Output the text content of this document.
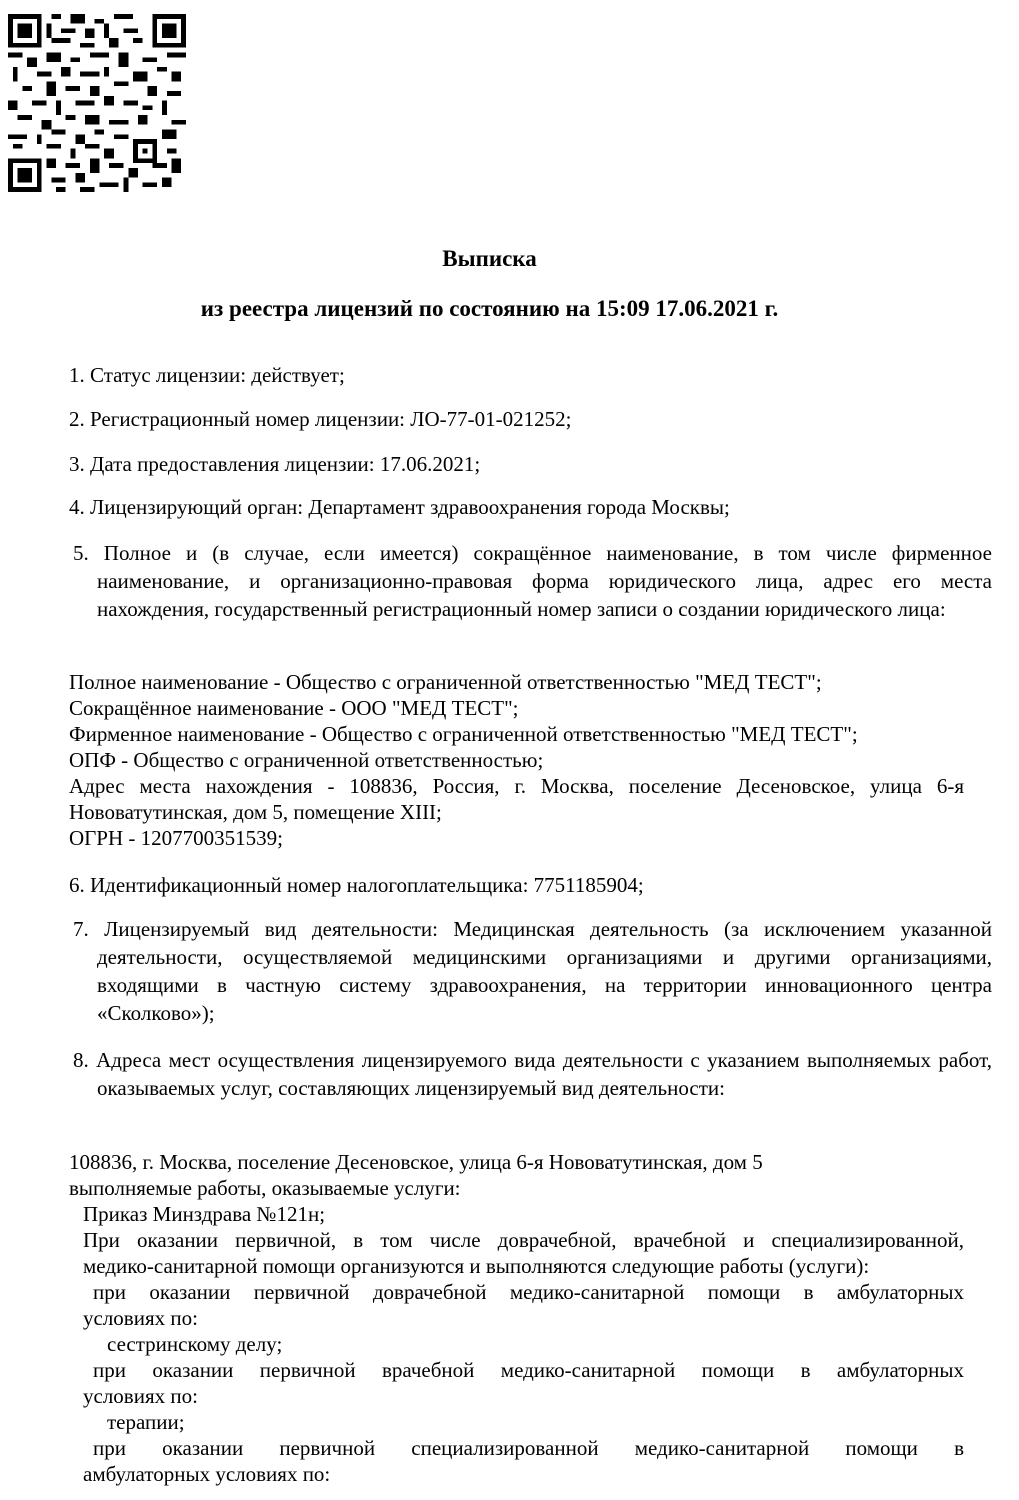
Выписка
из реестра лицензий по состоянию на 15:09 17.06.2021 г.
1. Статус лицензии: действует;
2. Регистрационный номер лицензии: ЛО-77-01-021252;
3. Дата предоставления лицензии: 17.06.2021;
4. Лицензирующий орган: Департамент здравоохранения города Москвы;
5. Полное и (в случае, если имеется) сокращённое наименование, в том числе фирменное наименование, и организационно-правовая форма юридического лица, адрес его места нахождения, государственный регистрационный номер записи о создании юридического лица:
Полное наименование - Общество с ограниченной ответственностью "МЕД ТЕСТ";
Сокращённое наименование - ООО "МЕД ТЕСТ";
Фирменное наименование - Общество с ограниченной ответственностью "МЕД ТЕСТ";
ОПФ - Общество с ограниченной ответственностью;
Адрес места нахождения - 108836, Россия, г. Москва, поселение Десеновское, улица 6-я
Нововатутинская, дом 5, помещение XIII;
ОГРН - 1207700351539;
6. Идентификационный номер налогоплательщика: 7751185904;
7. Лицензируемый вид деятельности: Медицинская деятельность (за исключением указанной деятельности, осуществляемой медицинскими организациями и другими организациями, входящими в частную систему здравоохранения, на территории инновационного центра «Сколково»);
8. Адреса мест осуществления лицензируемого вида деятельности с указанием выполняемых работ, оказываемых услуг, составляющих лицензируемый вид деятельности:
108836, г. Москва, поселение Десеновское, улица 6-я Нововатутинская, дом 5
выполняемые работы, оказываемые услуги:
Приказ Минздрава №121н;
При оказании первичной, в том числе доврачебной, врачебной и специализированной,
медико-санитарной помощи организуются и выполняются следующие работы (услуги):
при оказании первичной доврачебной медико-санитарной помощи в амбулаторных
условиях по:
сестринскому делу;
при оказании первичной врачебной медико-санитарной помощи в амбулаторных
условиях по:
терапии;
при оказании первичной специализированной медико-санитарной помощи в
амбулаторных условиях по:
